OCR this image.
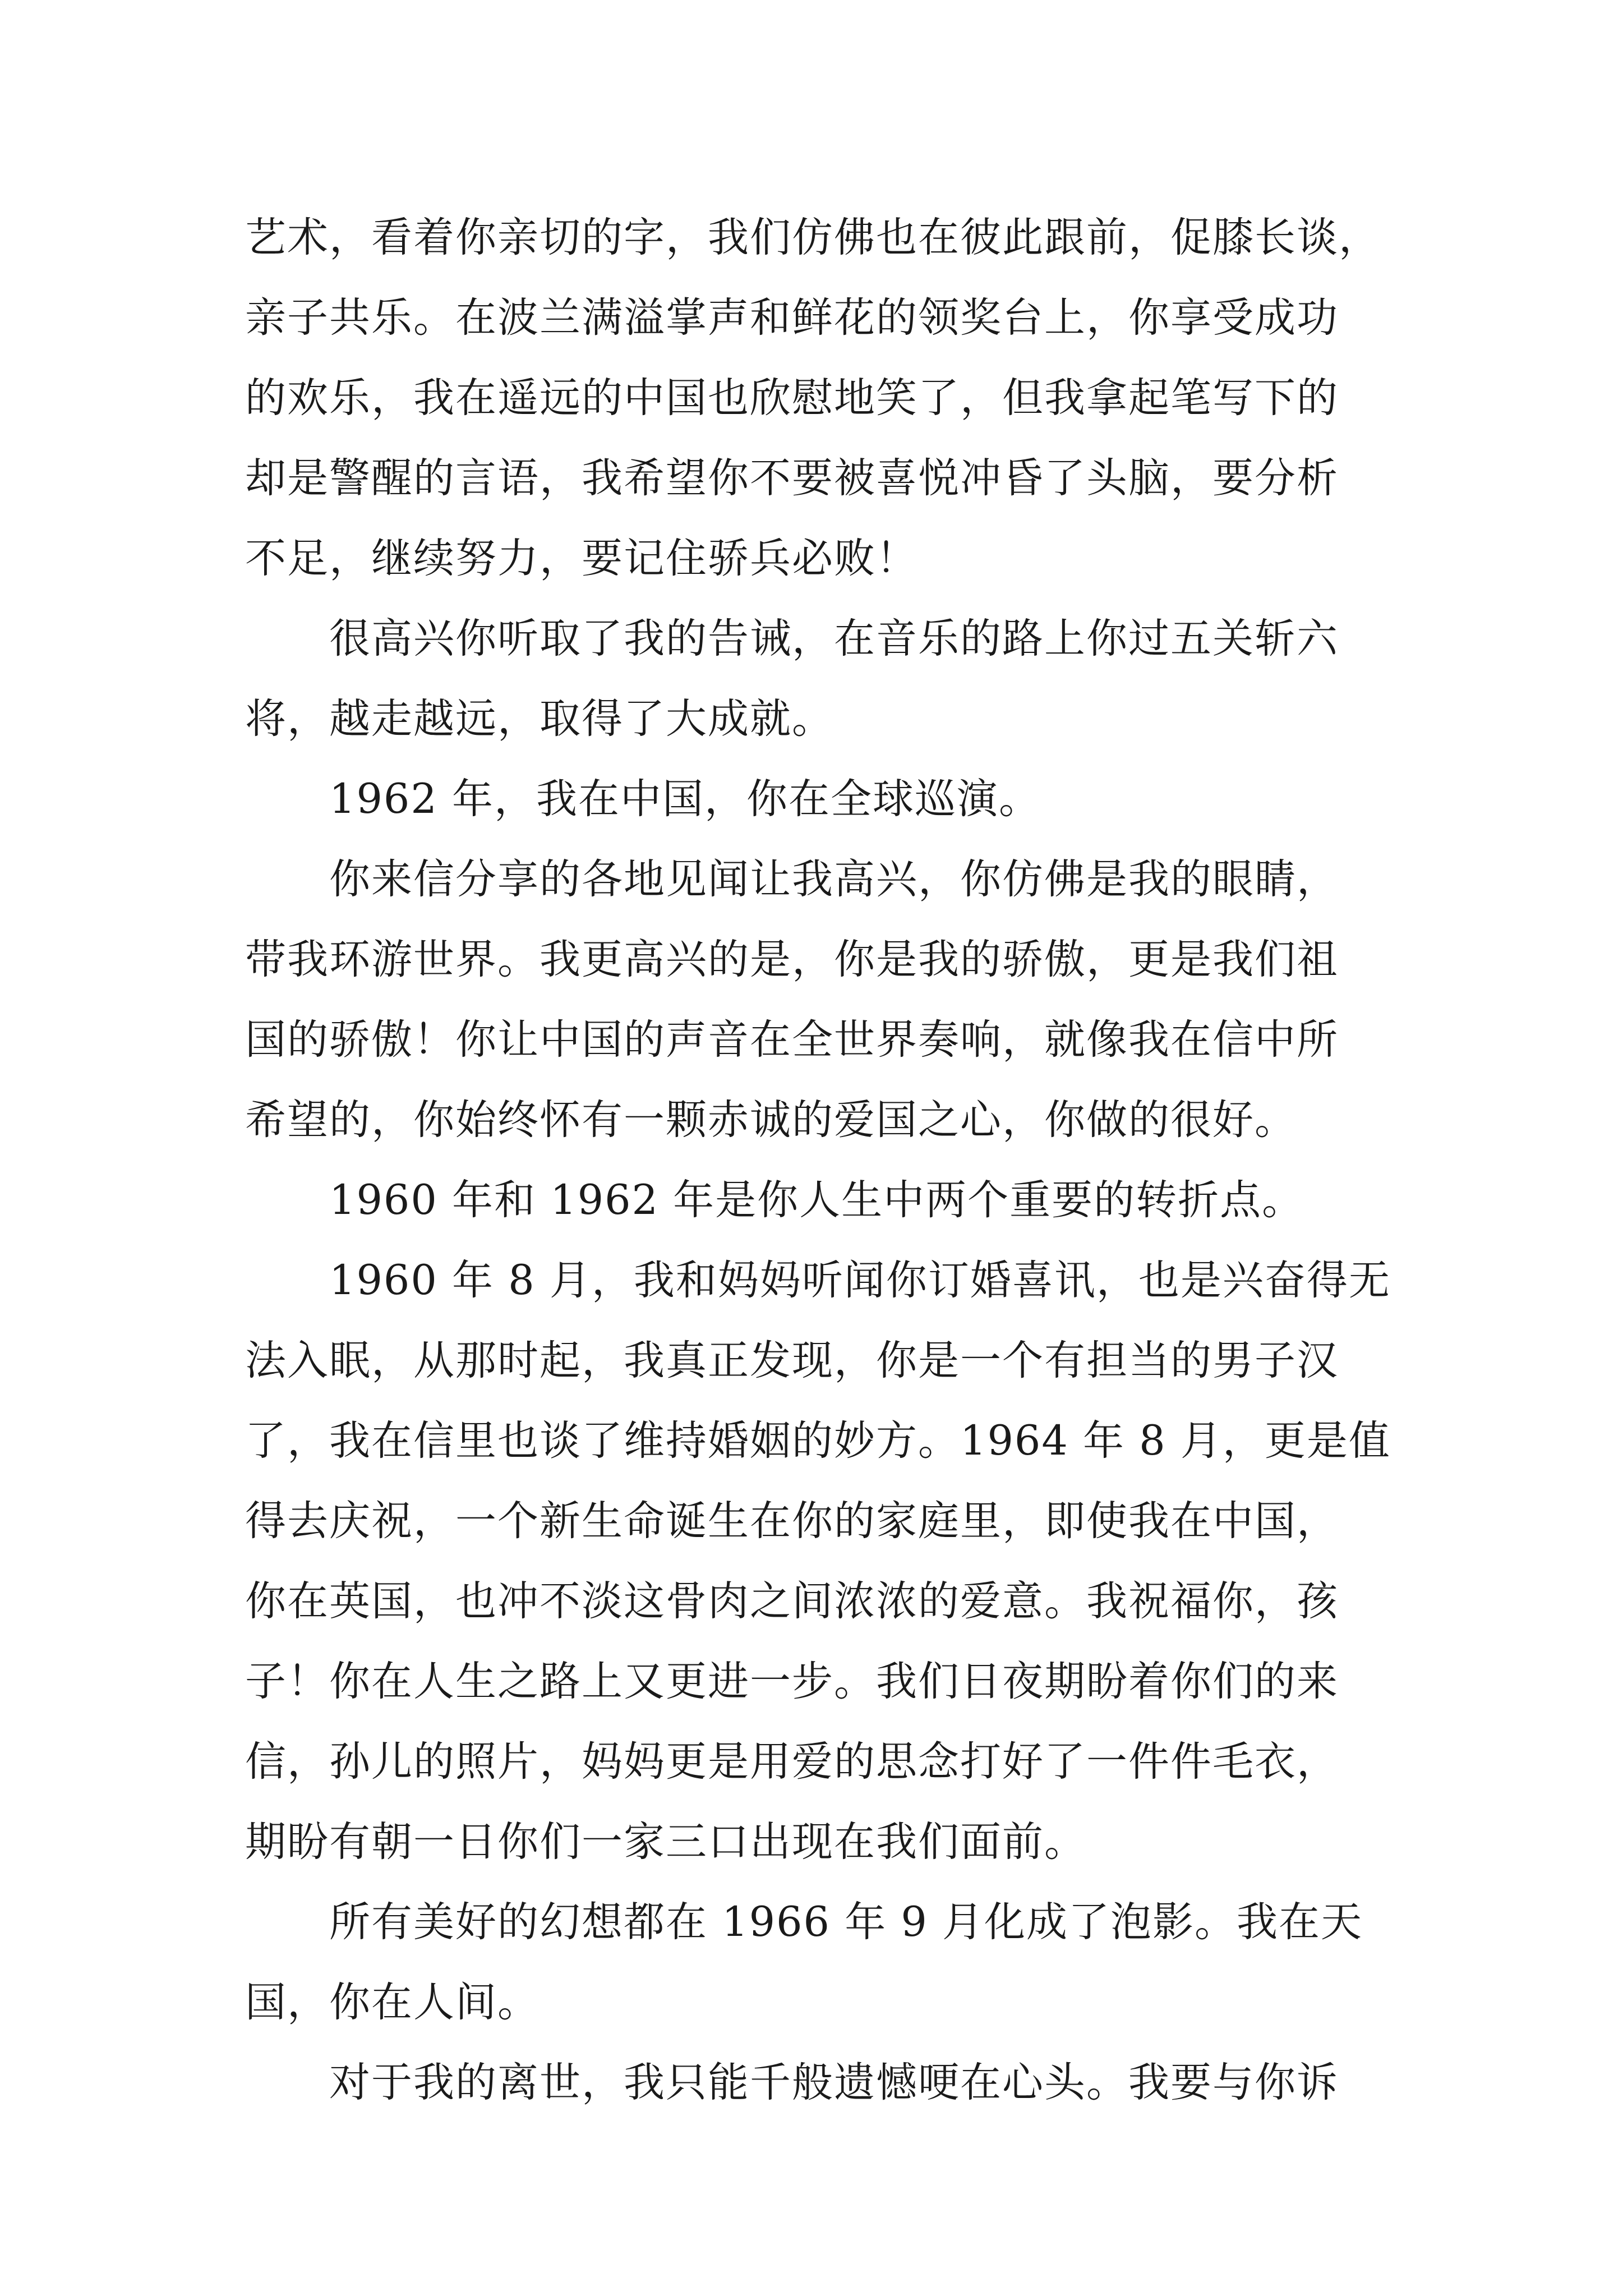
艺术，看着你亲切的字，我们仿佛也在彼此跟前，促膝长谈，
亲子共乐。在波兰满溢掌声和鲜花的领奖台上，你享受成功
的欢乐，我在遥远的中国也欣慰地笑了，但我拿起笔写下的
却是警醒的言语，我希望你不要被喜悦冲昏了头脑，要分析
不足，继续努力，要记住骄兵必败！
很高兴你听取了我的告诫，在音乐的路上你过五关斩六
将，越走越远，取得了大成就。
1962 年，我在中国，你在全球巡演。
你来信分享的各地见闻让我高兴，你仿佛是我的眼睛，
带我环游世界。我更高兴的是，你是我的骄傲，更是我们祖
国的骄傲！你让中国的声音在全世界奏响，就像我在信中所
希望的，你始终怀有一颗赤诚的爱国之心，你做的很好。
1960 年和 1962 年是你人生中两个重要的转折点。
1960 年 8 月，我和妈妈听闻你订婚喜讯，也是兴奋得无
法入眠，从那时起，我真正发现，你是一个有担当的男子汉
了，我在信里也谈了维持婚姻的妙方。1964 年 8 月，更是值
得去庆祝，一个新生命诞生在你的家庭里，即使我在中国，
你在英国，也冲不淡这骨肉之间浓浓的爱意。我祝福你，孩
子！你在人生之路上又更进一步。我们日夜期盼着你们的来
信，孙儿的照片，妈妈更是用爱的思念打好了一件件毛衣，
期盼有朝一日你们一家三口出现在我们面前。
所有美好的幻想都在 1966 年 9 月化成了泡影。我在天
国，你在人间。
对于我的离世，我只能千般遗憾哽在心头。我要与你诉
